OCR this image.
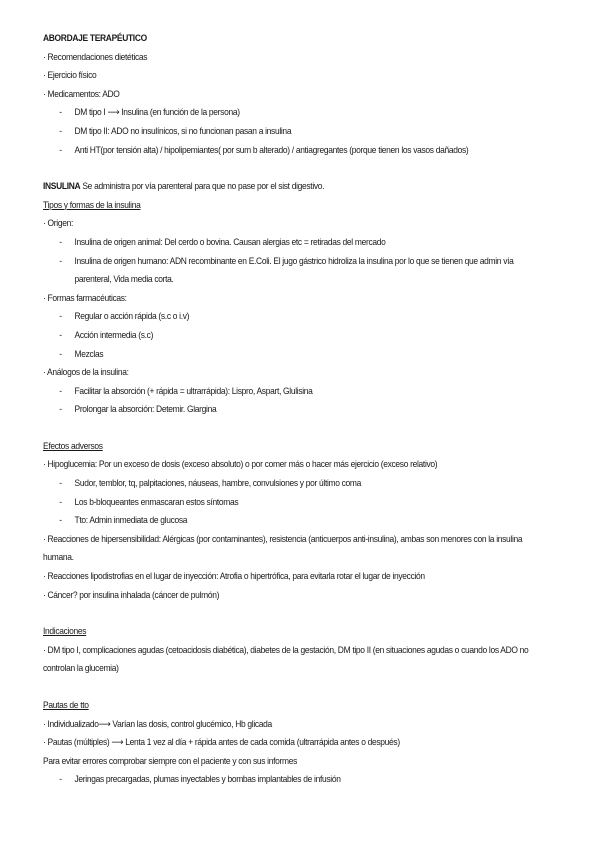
ABORDAJE TERAPÉUTICO
· Recomendaciones dietéticas
· Ejercicio físico
· Medicamentos: ADO
- DM tipo I ⟶ Insulina (en función de la persona)
- DM tipo II: ADO no insulínicos, si no funcionan pasan a insulina
- Anti HT(por tensión alta) / hipolipemiantes( por sum b alterado) / antiagregantes (porque tienen los vasos dañados)
INSULINA Se administra por vía parenteral para que no pase por el sist digestivo.
Tipos y formas de la insulina
· Origen:
- Insulina de origen animal: Del cerdo o bovina. Causan alergias etc = retiradas del mercado
- Insulina de origen humano: ADN recombinante en E.Coli. El jugo gástrico hidroliza la insulina por lo que se tienen que admin vía
parenteral, Vida media corta.
· Formas farmacéuticas:
- Regular o acción rápida (s.c o i.v)
- Acción intermedia (s.c)
- Mezclas
· Análogos de la insulina:
- Facilitar la absorción (+ rápida = ultrarrápida): Lispro, Aspart, Glulisina
- Prolongar la absorción: Detemir. Glargina
Efectos adversos
· Hipoglucemia: Por un exceso de dosis (exceso absoluto) o por comer más o hacer más ejercicio (exceso relativo)
- Sudor, temblor, tq, palpitaciones, náuseas, hambre, convulsiones y por último coma
- Los b-bloqueantes enmascaran estos síntomas
- Tto: Admin inmediata de glucosa
· Reacciones de hipersensibilidad: Alérgicas (por contaminantes), resistencia (anticuerpos anti-insulina), ambas son menores con la insulina
humana.
· Reacciones lipodistrofias en el lugar de inyección: Atrofia o hipertrófica, para evitarla rotar el lugar de inyección
· Cáncer? por insulina inhalada (cáncer de pulmón)
Indicaciones
· DM tipo I, complicaciones agudas (cetoacidosis diabética), diabetes de la gestación, DM tipo II (en situaciones agudas o cuando los ADO no
controlan la glucemia)
Pautas de tto
· Individualizado⟶ Varían las dosis, control glucémico, Hb glicada
· Pautas (múltiples) ⟶ Lenta 1 vez al día + rápida antes de cada comida (ultrarrápida antes o después)
Para evitar errores comprobar siempre con el paciente y con sus informes
- Jeringas precargadas, plumas inyectables y bombas implantables de infusión
